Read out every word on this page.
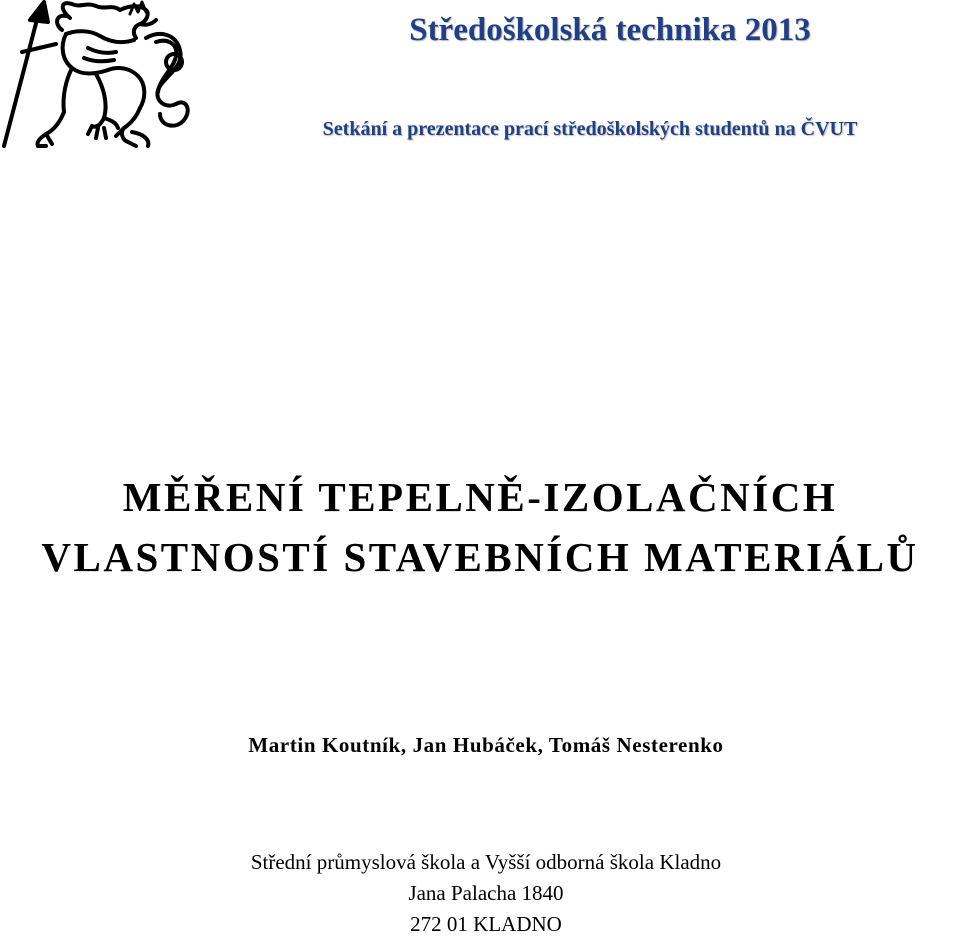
Středoškolská technika 2013
Setkání a prezentace prací středoškolských studentů na ČVUT
MĚŘENÍ TEPELNĚ-IZOLAČNÍCH
VLASTNOSTÍ STAVEBNÍCH MATERIÁLŮ
Martin Koutník, Jan Hubáček, Tomáš Nesterenko
Střední průmyslová škola a Vyšší odborná škola Kladno
Jana Palacha 1840
272 01 KLADNO
